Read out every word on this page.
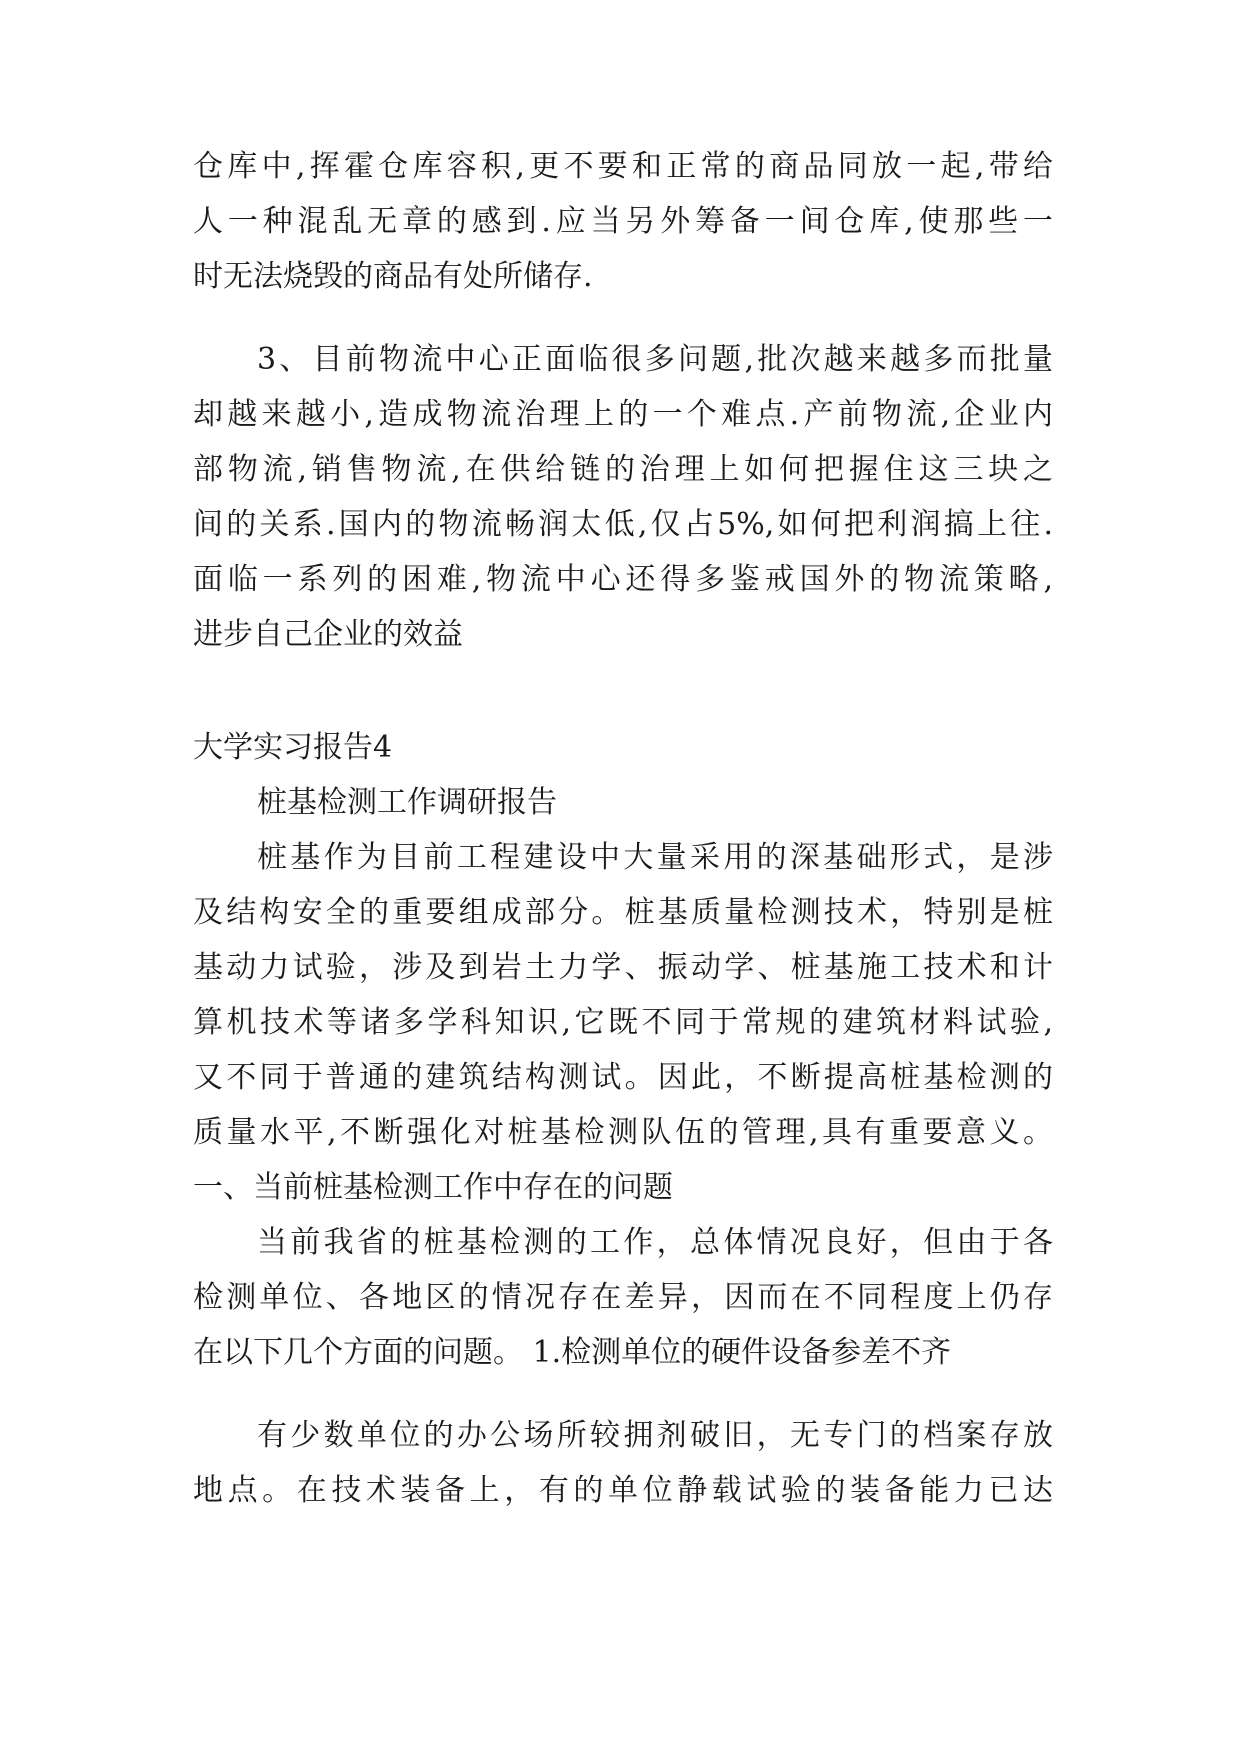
仓库中,挥霍仓库容积,更不要和正常的商品同放一起,带给
人一种混乱无章的感到.应当另外筹备一间仓库,使那些一
时无法烧毁的商品有处所储存.
3、目前物流中心正面临很多问题,批次越来越多而批量
却越来越小,造成物流治理上的一个难点.产前物流,企业内
部物流,销售物流,在供给链的治理上如何把握住这三块之
间的关系.国内的物流畅润太低,仅占5%,如何把利润搞上往.
面临一系列的困难,物流中心还得多鉴戒国外的物流策略,
进步自己企业的效益
大学实习报告4
桩基检测工作调研报告
桩基作为目前工程建设中大量采用的深基础形式，是涉
及结构安全的重要组成部分。桩基质量检测技术，特别是桩
基动力试验，涉及到岩土力学、振动学、桩基施工技术和计
算机技术等诸多学科知识,它既不同于常规的建筑材料试验,
又不同于普通的建筑结构测试。因此，不断提高桩基检测的
质量水平,不断强化对桩基检测队伍的管理,具有重要意义。
一、当前桩基检测工作中存在的问题
当前我省的桩基检测的工作，总体情况良好，但由于各
检测单位、各地区的情况存在差异，因而在不同程度上仍存
在以下几个方面的问题。 1.检测单位的硬件设备参差不齐
有少数单位的办公场所较拥剂破旧，无专门的档案存放
地点。在技术装备上，有的单位静载试验的装备能力已达
